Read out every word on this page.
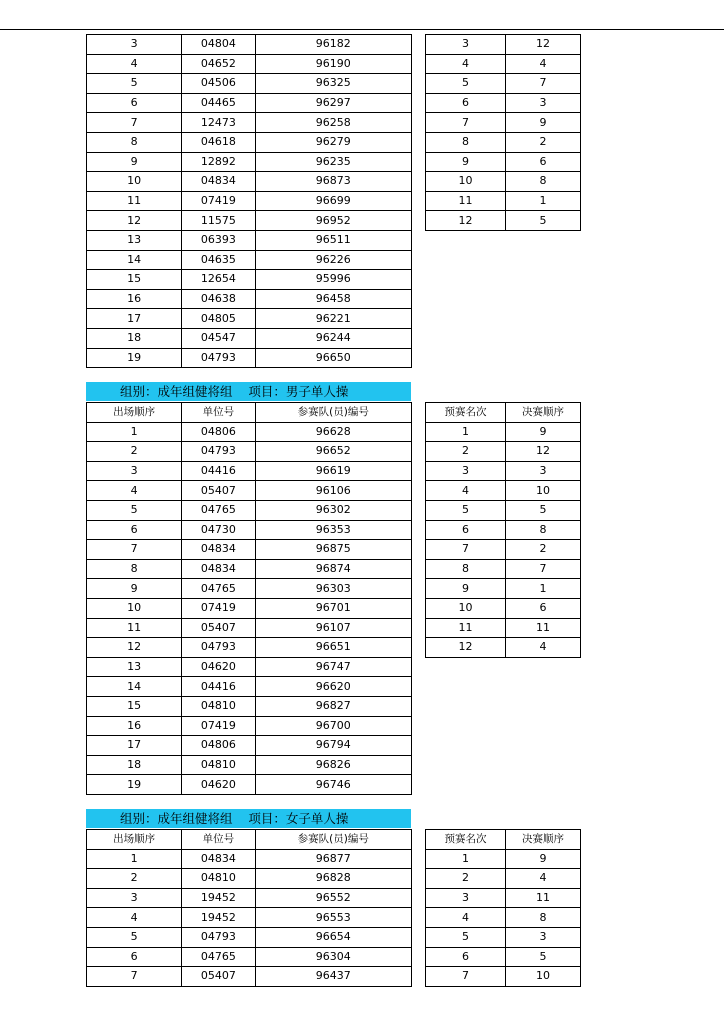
3	04804	96182
4	04652	96190
5	04506	96325
6	04465	96297
7	12473	96258
8	04618	96279
9	12892	96235
10	04834	96873
11	07419	96699
12	11575	96952
13	06393	96511
14	04635	96226
15	12654	95996
16	04638	96458
17	04805	96221
18	04547	96244
19	04793	96650
3	12
4	4
5	7
6	3
7	9
8	2
9	6
10	8
11	1
12	5
组别：成年组健将组    项目：男子单人操
出场顺序	单位号	参赛队(员)编号
1	04806	96628
2	04793	96652
3	04416	96619
4	05407	96106
5	04765	96302
6	04730	96353
7	04834	96875
8	04834	96874
9	04765	96303
10	07419	96701
11	05407	96107
12	04793	96651
13	04620	96747
14	04416	96620
15	04810	96827
16	07419	96700
17	04806	96794
18	04810	96826
19	04620	96746
预赛名次	决赛顺序
1	9
2	12
3	3
4	10
5	5
6	8
7	2
8	7
9	1
10	6
11	11
12	4
组别：成年组健将组    项目：女子单人操
出场顺序	单位号	参赛队(员)编号
1	04834	96877
2	04810	96828
3	19452	96552
4	19452	96553
5	04793	96654
6	04765	96304
7	05407	96437
预赛名次	决赛顺序
1	9
2	4
3	11
4	8
5	3
6	5
7	10
